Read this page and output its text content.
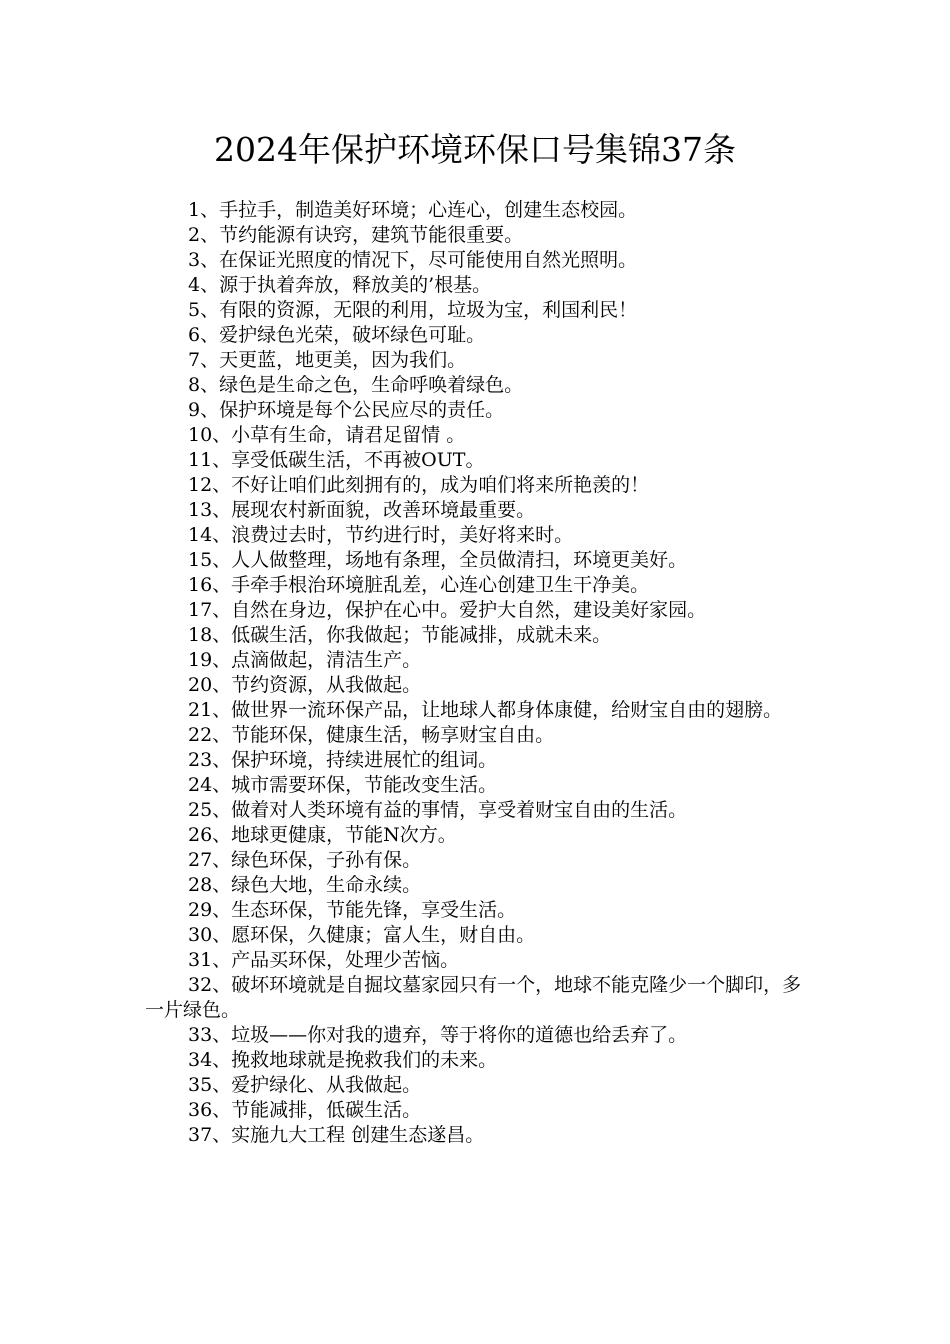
2024年保护环境环保口号集锦37条
1、手拉手，制造美好环境；心连心，创建生态校园。
2、节约能源有诀窍，建筑节能很重要。
3、在保证光照度的情况下，尽可能使用自然光照明。
4、源于执着奔放，释放美的’根基。
5、有限的资源，无限的利用，垃圾为宝，利国利民！
6、爱护绿色光荣，破坏绿色可耻。
7、天更蓝，地更美，因为我们。
8、绿色是生命之色，生命呼唤着绿色。
9、保护环境是每个公民应尽的责任。
10、小草有生命，请君足留情 。
11、享受低碳生活，不再被OUT。
12、不好让咱们此刻拥有的，成为咱们将来所艳羡的！
13、展现农村新面貌，改善环境最重要。
14、浪费过去时，节约进行时，美好将来时。
15、人人做整理，场地有条理，全员做清扫，环境更美好。
16、手牵手根治环境脏乱差，心连心创建卫生干净美。
17、自然在身边，保护在心中。爱护大自然，建设美好家园。
18、低碳生活，你我做起；节能减排，成就未来。
19、点滴做起，清洁生产。
20、节约资源，从我做起。
21、做世界一流环保产品，让地球人都身体康健，给财宝自由的翅膀。
22、节能环保，健康生活，畅享财宝自由。
23、保护环境，持续进展忙的组词。
24、城市需要环保，节能改变生活。
25、做着对人类环境有益的事情，享受着财宝自由的生活。
26、地球更健康，节能N次方。
27、绿色环保，子孙有保。
28、绿色大地，生命永续。
29、生态环保，节能先锋，享受生活。
30、愿环保，久健康；富人生，财自由。
31、产品买环保，处理少苦恼。
32、破坏环境就是自掘坟墓家园只有一个，地球不能克隆少一个脚印，多一片绿色。
33、垃圾——你对我的遗弃，等于将你的道德也给丢弃了。
34、挽救地球就是挽救我们的未来。
35、爱护绿化、从我做起。
36、节能减排，低碳生活。
37、实施九大工程 创建生态遂昌。
